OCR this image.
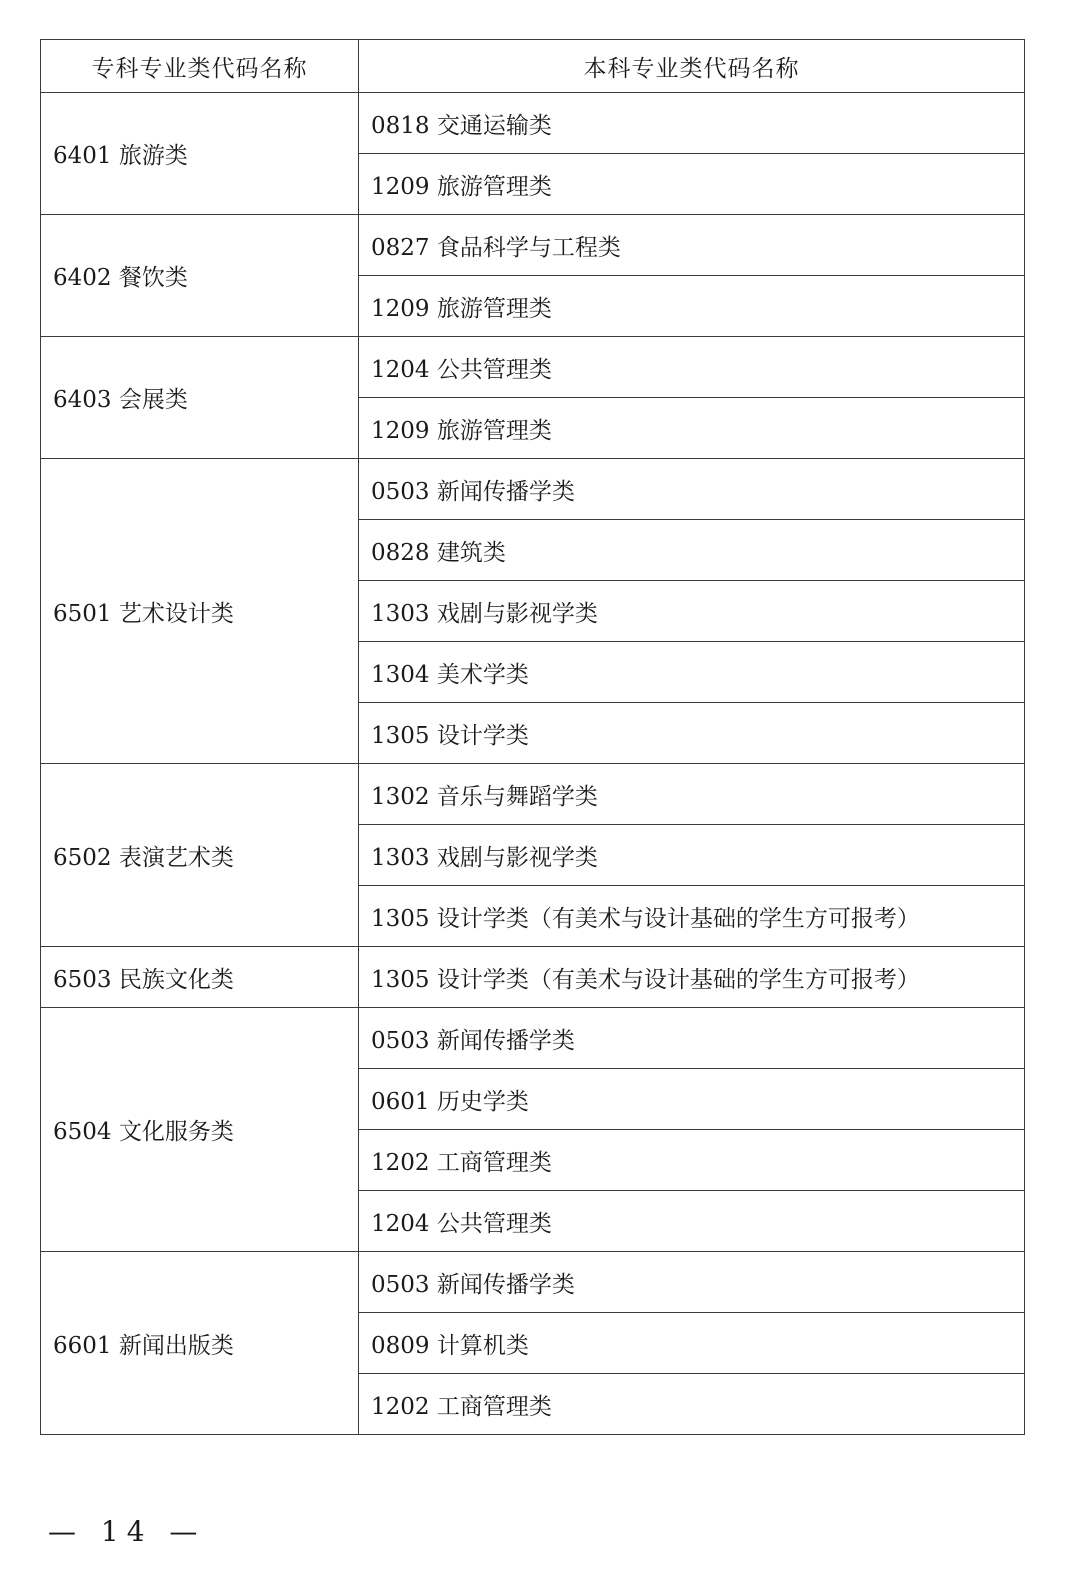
专科专业类代码名称	本科专业类代码名称
6401 旅游类	0818 交通运输类
	1209 旅游管理类
6402 餐饮类	0827 食品科学与工程类
	1209 旅游管理类
6403 会展类	1204 公共管理类
	1209 旅游管理类
6501 艺术设计类	0503 新闻传播学类
	0828 建筑类
	1303 戏剧与影视学类
	1304 美术学类
	1305 设计学类
6502 表演艺术类	1302 音乐与舞蹈学类
	1303 戏剧与影视学类
	1305 设计学类（有美术与设计基础的学生方可报考）
6503 民族文化类	1305 设计学类（有美术与设计基础的学生方可报考）
6504 文化服务类	0503 新闻传播学类
	0601 历史学类
	1202 工商管理类
	1204 公共管理类
6601 新闻出版类	0503 新闻传播学类
	0809 计算机类
	1202 工商管理类
— 14 —
